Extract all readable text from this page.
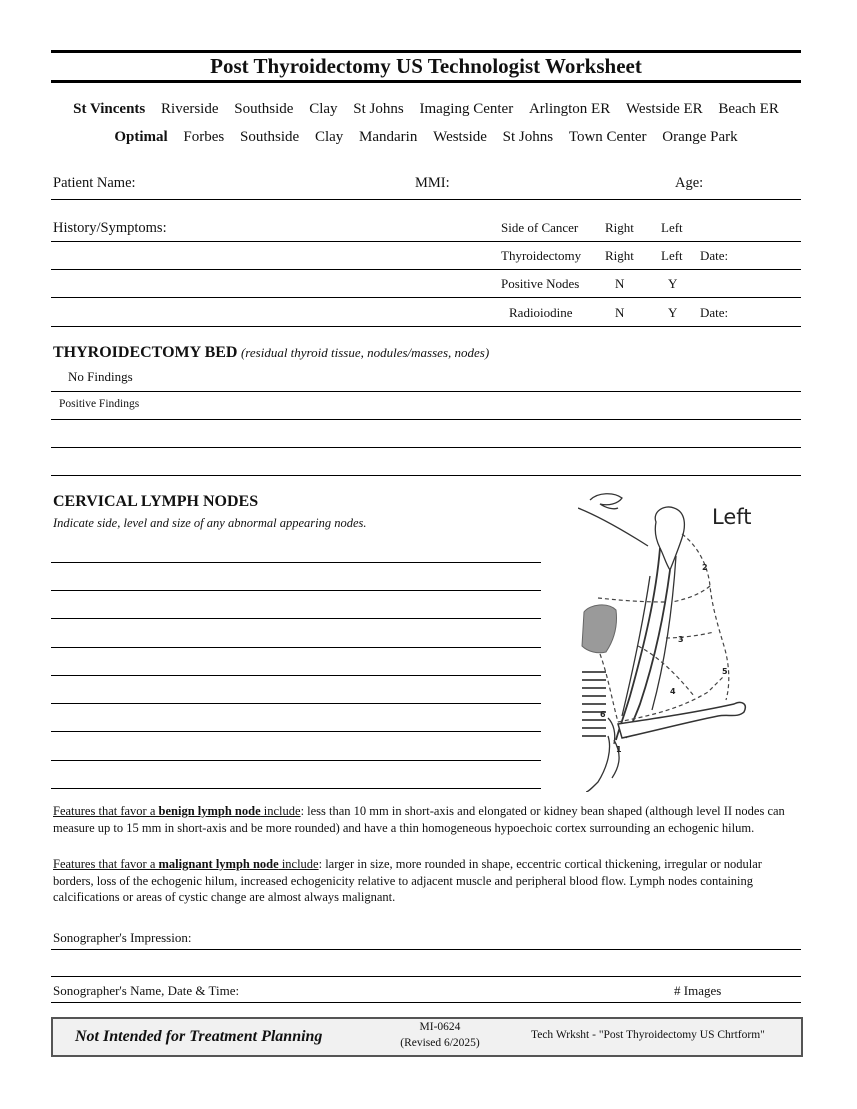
Post Thyroidectomy US Technologist Worksheet
St Vincents Riverside Southside Clay St Johns Imaging Center Arlington ER Westside ER Beach ER
Optimal Forbes Southside Clay Mandarin Westside St Johns Town Center Orange Park
Patient Name:	MMI:	Age:
History/Symptoms:	Side of Cancer Right Left
Thyroidectomy Right Left Date:
Positive Nodes	N	Y
Radioiodine	N	Y Date:
THYROIDECTOMY BED (residual thyroid tissue, nodules/masses, nodes)
No Findings
Positive Findings
CERVICAL LYMPH NODES
Indicate side, level and size of any abnormal appearing nodes.
2
3
4
5
6
1
Left
Features that favor a benign lymph node include: less than 10 mm in short-axis and elongated or kidney bean shaped (although level II nodes can measure up to 15 mm in short-axis and be more rounded) and have a thin homogeneous hypoechoic cortex surrounding an echogenic hilum.
Features that favor a malignant lymph node include: larger in size, more rounded in shape, eccentric cortical thickening, irregular or nodular borders, loss of the echogenic hilum, increased echogenicity relative to adjacent muscle and peripheral blood flow. Lymph nodes containing calcifications or areas of cystic change are almost always malignant.
Sonographer's Impression:
Sonographer's Name, Date & Time:	# Images
Not Intended for Treatment Planning
MI-0624
(Revised 6/2025)
Tech Wrksht - "Post Thyroidectomy US Chrtform"
